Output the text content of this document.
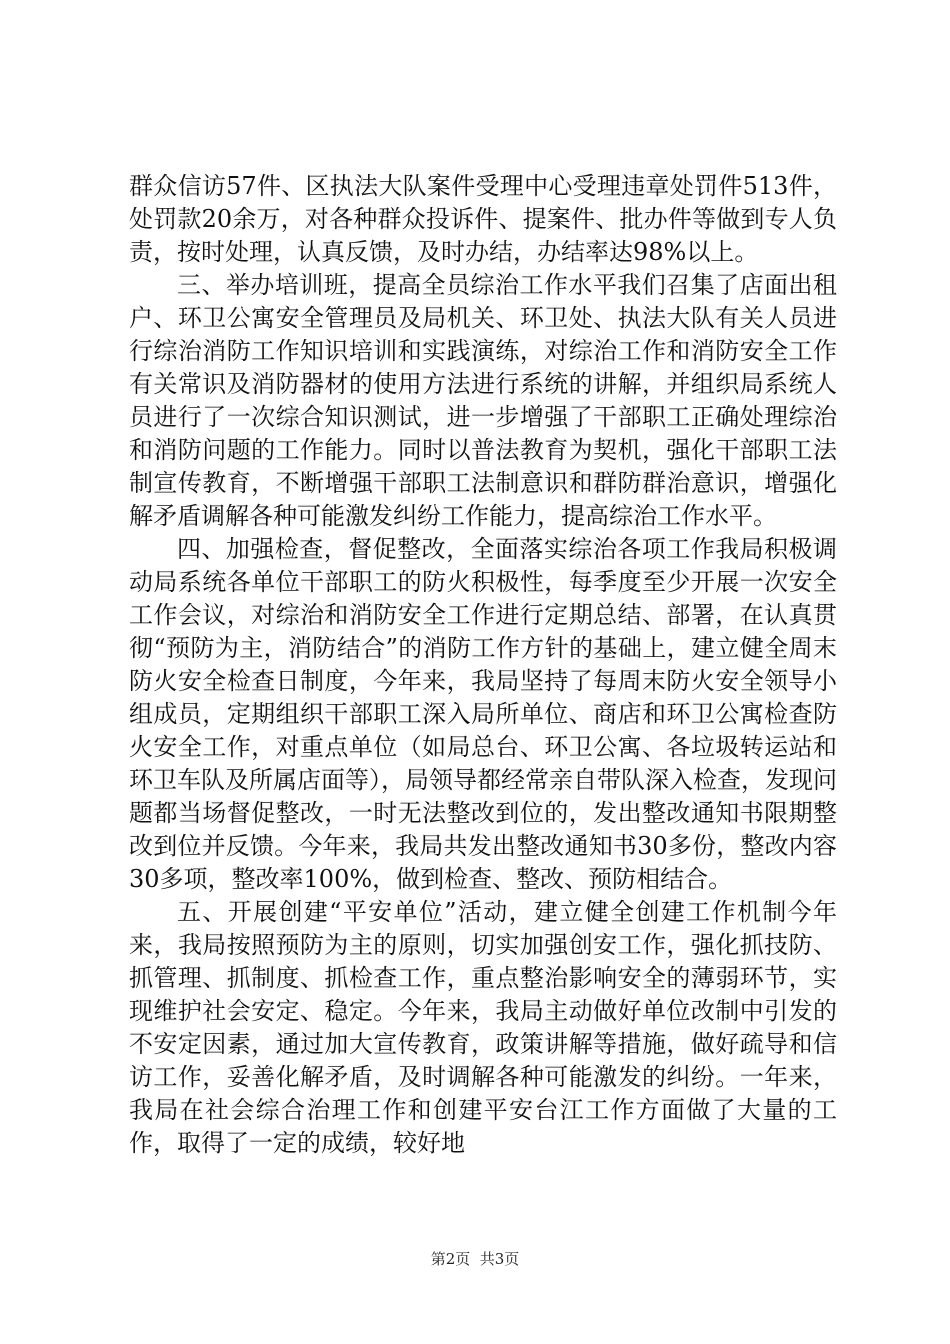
群众信访57件、区执法大队案件受理中心受理违章处罚件513件，处罚款20余万，对各种群众投诉件、提案件、批办件等做到专人负责，按时处理，认真反馈，及时办结，办结率达98%以上。

三、举办培训班，提高全员综治工作水平我们召集了店面出租户、环卫公寓安全管理员及局机关、环卫处、执法大队有关人员进行综治消防工作知识培训和实践演练，对综治工作和消防安全工作有关常识及消防器材的使用方法进行系统的讲解，并组织局系统人员进行了一次综合知识测试，进一步增强了干部职工正确处理综治和消防问题的工作能力。同时以普法教育为契机，强化干部职工法制宣传教育，不断增强干部职工法制意识和群防群治意识，增强化解矛盾调解各种可能激发纠纷工作能力，提高综治工作水平。

四、加强检查，督促整改，全面落实综治各项工作我局积极调动局系统各单位干部职工的防火积极性，每季度至少开展一次安全工作会议，对综治和消防安全工作进行定期总结、部署，在认真贯彻“预防为主，消防结合”的消防工作方针的基础上，建立健全周末防火安全检查日制度，今年来，我局坚持了每周末防火安全领导小组成员，定期组织干部职工深入局所单位、商店和环卫公寓检查防火安全工作，对重点单位（如局总台、环卫公寓、各垃圾转运站和环卫车队及所属店面等），局领导都经常亲自带队深入检查，发现问题都当场督促整改，一时无法整改到位的，发出整改通知书限期整改到位并反馈。今年来，我局共发出整改通知书30多份，整改内容30多项，整改率100%，做到检查、整改、预防相结合。

五、开展创建“平安单位”活动，建立健全创建工作机制今年来，我局按照预防为主的原则，切实加强创安工作，强化抓技防、抓管理、抓制度、抓检查工作，重点整治影响安全的薄弱环节，实现维护社会安定、稳定。今年来，我局主动做好单位改制中引发的不安定因素，通过加大宣传教育，政策讲解等措施，做好疏导和信访工作，妥善化解矛盾，及时调解各种可能激发的纠纷。一年来，我局在社会综合治理工作和创建平安台江工作方面做了大量的工作，取得了一定的成绩，较好地

第2页  共3页
